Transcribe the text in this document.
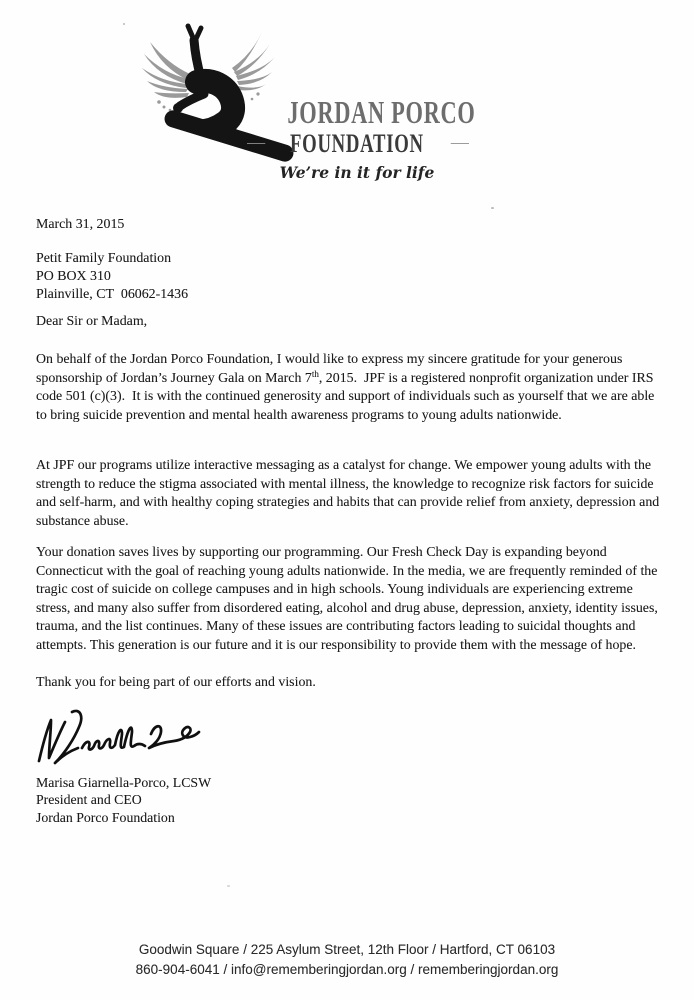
JORDAN PORCO
— FOUNDATION —
We’re in it for life
March 31, 2015
Petit Family Foundation
PO BOX 310
Plainville, CT  06062-1436
Dear Sir or Madam,
On behalf of the Jordan Porco Foundation, I would like to express my sincere gratitude for your generous sponsorship of Jordan’s Journey Gala on March 7th, 2015.  JPF is a registered nonprofit organization under IRS code 501 (c)(3).  It is with the continued generosity and support of individuals such as yourself that we are able to bring suicide prevention and mental health awareness programs to young adults nationwide.
At JPF our programs utilize interactive messaging as a catalyst for change. We empower young adults with the strength to reduce the stigma associated with mental illness, the knowledge to recognize risk factors for suicide and self-harm, and with healthy coping strategies and habits that can provide relief from anxiety, depression and substance abuse.
Your donation saves lives by supporting our programming. Our Fresh Check Day is expanding beyond Connecticut with the goal of reaching young adults nationwide. In the media, we are frequently reminded of the tragic cost of suicide on college campuses and in high schools. Young individuals are experiencing extreme stress, and many also suffer from disordered eating, alcohol and drug abuse, depression, anxiety, identity issues, trauma, and the list continues. Many of these issues are contributing factors leading to suicidal thoughts and attempts. This generation is our future and it is our responsibility to provide them with the message of hope.
Thank you for being part of our efforts and vision.
Marisa Giarnella-Porco, LCSW
President and CEO
Jordan Porco Foundation
Goodwin Square / 225 Asylum Street, 12th Floor / Hartford, CT 06103
860-904-6041 / info@rememberingjordan.org / rememberingjordan.org
